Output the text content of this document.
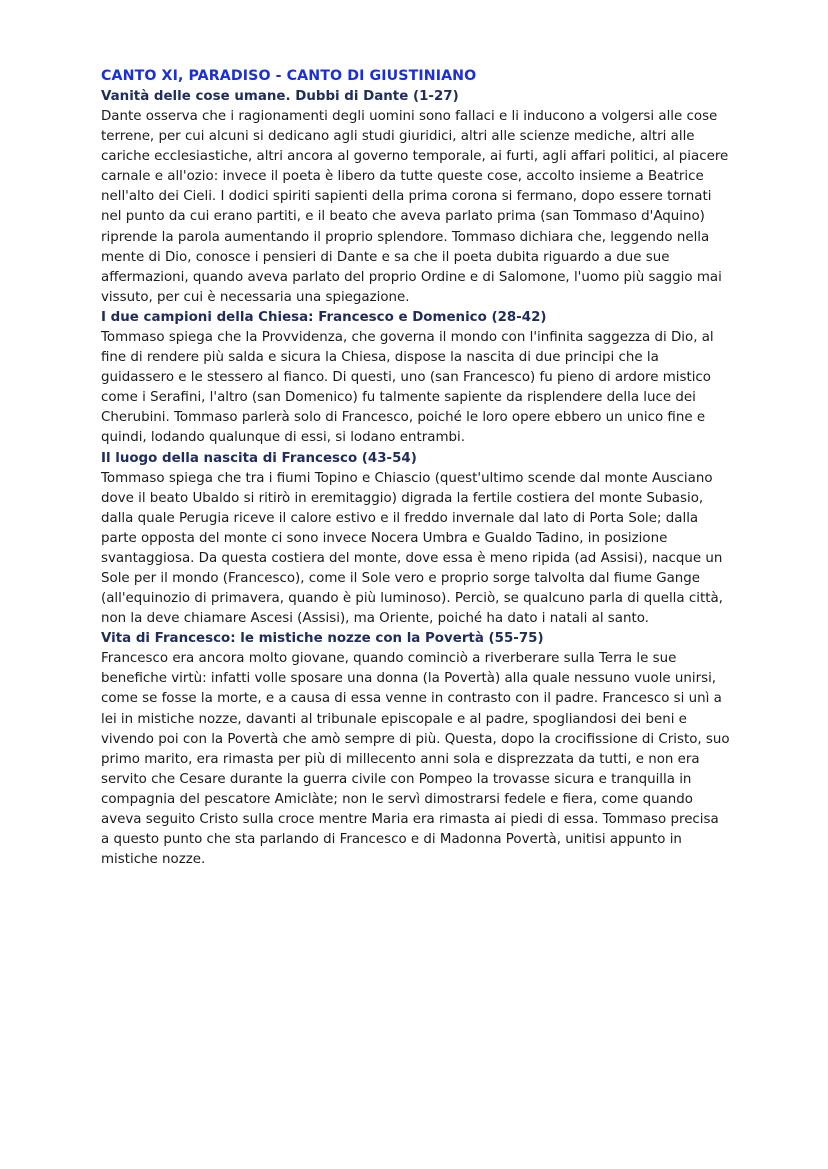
CANTO XI, PARADISO - CANTO DI GIUSTINIANO
Vanità delle cose umane. Dubbi di Dante (1-27)

Dante osserva che i ragionamenti degli uomini sono fallaci e li inducono a volgersi alle cose terrene, per cui alcuni si dedicano agli studi giuridici, altri alle scienze mediche, altri alle cariche ecclesiastiche, altri ancora al governo temporale, ai furti, agli affari politici, al piacere carnale e all'ozio: invece il poeta è libero da tutte queste cose, accolto insieme a Beatrice nell'alto dei Cieli. I dodici spiriti sapienti della prima corona si fermano, dopo essere tornati nel punto da cui erano partiti, e il beato che aveva parlato prima (san Tommaso d'Aquino) riprende la parola aumentando il proprio splendore. Tommaso dichiara che, leggendo nella mente di Dio, conosce i pensieri di Dante e sa che il poeta dubita riguardo a due sue affermazioni, quando aveva parlato del proprio Ordine e di Salomone, l'uomo più saggio mai vissuto, per cui è necessaria una spiegazione.

I due campioni della Chiesa: Francesco e Domenico (28-42)

Tommaso spiega che la Provvidenza, che governa il mondo con l'infinita saggezza di Dio, al fine di rendere più salda e sicura la Chiesa, dispose la nascita di due principi che la guidassero e le stessero al fianco. Di questi, uno (san Francesco) fu pieno di ardore mistico come i Serafini, l'altro (san Domenico) fu talmente sapiente da risplendere della luce dei Cherubini. Tommaso parlerà solo di Francesco, poiché le loro opere ebbero un unico fine e quindi, lodando qualunque di essi, si lodano entrambi.

Il luogo della nascita di Francesco (43-54)

Tommaso spiega che tra i fiumi Topino e Chiascio (quest'ultimo scende dal monte Ausciano dove il beato Ubaldo si ritirò in eremitaggio) digrada la fertile costiera del monte Subasio, dalla quale Perugia riceve il calore estivo e il freddo invernale dal lato di Porta Sole; dalla parte opposta del monte ci sono invece Nocera Umbra e Gualdo Tadino, in posizione svantaggiosa. Da questa costiera del monte, dove essa è meno ripida (ad Assisi), nacque un Sole per il mondo (Francesco), come il Sole vero e proprio sorge talvolta dal fiume Gange (all'equinozio di primavera, quando è più luminoso). Perciò, se qualcuno parla di quella città, non la deve chiamare Ascesi (Assisi), ma Oriente, poiché ha dato i natali al santo.

Vita di Francesco: le mistiche nozze con la Povertà (55-75)

Francesco era ancora molto giovane, quando cominciò a riverberare sulla Terra le sue benefiche virtù: infatti volle sposare una donna (la Povertà) alla quale nessuno vuole unirsi, come se fosse la morte, e a causa di essa venne in contrasto con il padre. Francesco si unì a lei in mistiche nozze, davanti al tribunale episcopale e al padre, spogliandosi dei beni e vivendo poi con la Povertà che amò sempre di più. Questa, dopo la crocifissione di Cristo, suo primo marito, era rimasta per più di millecento anni sola e disprezzata da tutti, e non era servito che Cesare durante la guerra civile con Pompeo la trovasse sicura e tranquilla in compagnia del pescatore Amiclàte; non le servì dimostrarsi fedele e fiera, come quando aveva seguito Cristo sulla croce mentre Maria era rimasta ai piedi di essa. Tommaso precisa a questo punto che sta parlando di Francesco e di Madonna Povertà, unitisi appunto in mistiche nozze.
